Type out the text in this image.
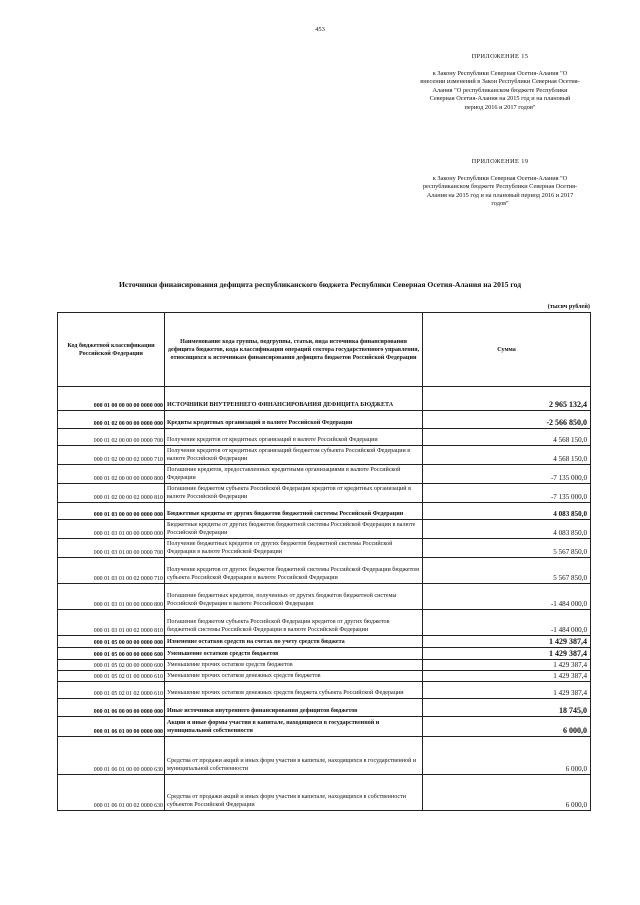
453
ПРИЛОЖЕНИЕ 15
к Закону Республики Северная Осетия-Алания "О внесении изменений в Закон Республики Северная Осетия-Алания "О республиканском бюджете Республики Северная Осетия-Алания на 2015 год и на плановый период 2016 и 2017 годов"
ПРИЛОЖЕНИЕ 19
к Закону Республики Северная Осетия-Алания "О республиканском бюджете Республики Северная Осетия-Алания на 2015 год и на плановый период 2016 и 2017 годов"
Источники финансирования дефицита республиканского бюджета Республики Северная Осетия-Алания на 2015 год
(тысяч рублей)
Код бюджетной классификации Российской Федерации	Наименование кода группы, подгруппы, статьи, вида источника финансирования дефицита бюджетов, кода классификации операций сектора государственного управления, относящихся к источникам финансирования дефицита бюджетов Российской Федерации	Сумма
000 01 00 00 00 00 0000 000	ИСТОЧНИКИ ВНУТРЕННЕГО ФИНАНСИРОВАНИЯ ДЕФИЦИТА БЮДЖЕТА	2 965 132,4
000 01 02 00 00 00 0000 000	Кредиты кредитных организаций в валюте Российской Федерации	-2 566 850,0
000 01 02 00 00 00 0000 700	Получение кредитов от кредитных организаций в валюте Российской Федерации	4 568 150,0
000 01 02 00 00 02 0000 710	Получение кредитов от кредитных организаций бюджетом субъекта Российской Федерации в валюте Российской Федерации	4 568 150,0
000 01 02 00 00 00 0000 800	Погашение кредитов, предоставленных кредитными организациями в валюте Российской Федерации	-7 135 000,0
000 01 02 00 00 02 0000 810	Погашение бюджетом субъекта Российской Федерации кредитов от кредитных организаций в валюте Российской Федерации	-7 135 000,0
000 01 03 00 00 00 0000 000	Бюджетные кредиты от других бюджетов бюджетной системы Российской Федерации	4 083 850,0
000 01 03 01 00 00 0000 000	Бюджетные кредиты от других бюджетов бюджетной системы Российской Федерации в валюте Российской Федерации	4 083 850,0
000 01 03 01 00 00 0000 700	Получение бюджетных кредитов от других бюджетов бюджетной системы Российской Федерации в валюте Российской Федерации	5 567 850,0
000 01 03 01 00 02 0000 710	Получение кредитов от других бюджетов бюджетной системы Российской Федерации бюджетом субъекта Российской Федерации в валюте Российской Федерации	5 567 850,0
000 01 03 01 00 00 0000 800	Погашение бюджетных кредитов, полученных от других бюджетов бюджетной системы Российской Федерации в валюте Российской Федерации	-1 484 000,0
000 01 03 01 00 02 0000 810	Погашение бюджетом субъекта Российской Федерации кредитов от других бюджетов бюджетной системы Российской Федерации в валюте Российской Федерации	-1 484 000,0
000 01 05 00 00 00 0000 000	Изменение остатков средств на счетах по учету средств бюджета	1 429 387,4
000 01 05 00 00 00 0000 600	Уменьшение остатков средств бюджетов	1 429 387,4
000 01 05 02 00 00 0000 600	Уменьшение прочих остатков средств бюджетов	1 429 387,4
000 01 05 02 01 00 0000 610	Уменьшение прочих остатков денежных средств бюджетов	1 429 387,4
000 01 05 02 01 02 0000 610	Уменьшение прочих остатков денежных средств бюджета субъекта Российской Федерации	1 429 387,4
000 01 06 00 00 00 0000 000	Иные источники внутреннего финансирования дефицитов бюджетов	18 745,0
000 01 06 01 00 00 0000 000	Акции и иные формы участия в капитале, находящиеся в государственной и муниципальной собственности	6 000,0
000 01 06 01 00 00 0000 630	Средства от продажи акций и иных форм участия в капитале, находящихся в государственной и муниципальной собственности	6 000,0
000 01 06 01 00 02 0000 630	Средства от продажи акций и иных форм участия в капитале, находящихся в собственности субъектов Российской Федерации	6 000,0
